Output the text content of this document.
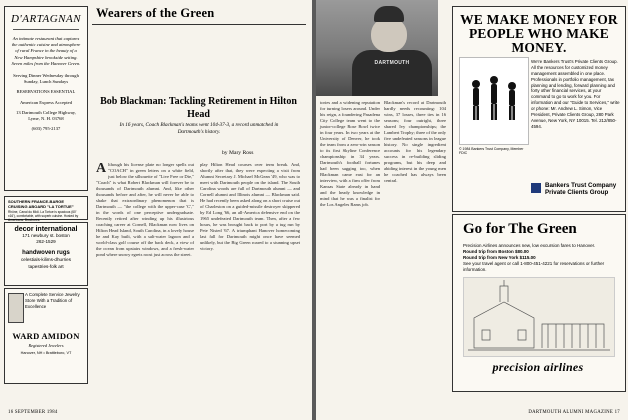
D'ARTAGNAN
An intimate restaurant that captures the authentic cuisine and atmosphere of rural France in the beauty of a New Hampshire brookside setting. Seven miles from the Hanover Green.
Serving Dinner Wednesday through Sunday, Lunch Sundays
RESERVATIONS ESSENTIAL
American Express Accepted
13 Dartmouth College Highway, Lyme, N. H. 03768
(603) 795-2137
SOUTHERN FRANCE-BARGE CRUISING ABOARD "LA TORTUE"
Rhône, Canal du Midi. La Tortue is spacious (60' x16'), comfortable, with superb cuisine. Hosted by Americans. Brochures.
decor international
171 newbury st. boston
262-1529
handwoven rugs
celestials-kilims-dhurries
tapestries-folk art
A Complete Service Jewelry Store With a Tradition of Excellence
WARD AMIDON
Registered Jewelers
Hanover, NH • Brattleboro, VT
Wearers of the Green
Bob Blackman: Tackling Retirement in Hilton Head
In 16 years, Coach Blackman's teams went 104-37-3, a record unmatched in Dartmouth's history.
by Mary Ross
Although his license plate no longer spells out "COACH" in green letters on a white field, just below the silhouette of "Live Free or Die," "Coach" is what Robert Blackman will forever be to thousands of Dartmouth alumni. And, like other thousands before and after, he will never be able to shake that extraordinary phenomenon that is Dartmouth — "the college with the upper-case 'C'," in the words of one perceptive undergraduate. Recently retired after winding up his illustrious coaching career at Cornell, Blackman now lives on Hilton Head Island, South Carolina, in a lovely house he and Kay built, with a salt-water lagoon and a world-class golf course off the back deck, a view of the ocean from upstairs windows, and a fresh-water pond where snowy egrets roost just across the street.
play Hilton Head courses over term break. And, shortly after that, they were expecting a visit from Alumni Secretary J. Michael McGean '49, who was to meet with Dartmouth people on the island. The South Carolina woods are full of Dartmouth alumni — and Cornell alumni and Illinois alumni — Blackman said. He had recently been asked along on a short cruise out of Charleston on a guided-missile destroyer skippered by Ed Long '66, an all-America defensive end on the 1965 undefeated Dartmouth team. Then, after a few hours, he was brought back to port by a tug run by Pete Nisted '67. A triumphant Hanover homecoming last fall for Dartmouth might once have seemed unlikely, but the Big Green roared to a stunning upset victory.
16 SEPTEMBER 1984
DARTMOUTH
tories and a widening reputation for turning losers around. Under his reign, a foundering Pasadena City College team went to the junior-college Rose Bowl twice in four years. In two years at the University of Denver, he took the team from a zero-win season to its first Skyline Conference championship in 34 years. Dartmouth's football fortunes had been sagging too, when Blackman came east for an interview, with a firm offer from Kansas State already in hand and the heady knowledge in mind that he was a finalist for the Los Angeles Rams job.
Blackman's record at Dartmouth hardly needs recounting: 104 wins, 37 losses, three ties in 16 seasons; four outright, three shared Ivy championships; the Lambert Trophy; three of the only five undefeated seasons in league history. No single ingredient accounts for his legendary success in re-building sliding programs, but his deep and abiding interest in the young men he coached has always been central.
WE MAKE MONEY FOR PEOPLE WHO MAKE MONEY.
We're Bankers Trust's Private Clients Group. All the resources for customized money management assembled in one place. Professionals in portfolio management, tax planning and lending, forward planning and forty other financial services, at your command to go to work for you. For information and our "Guide to Services," write or phone: Mr. Andrew L. Simon, Vice President, Private Clients Group, 280 Park Avenue, New York, NY 10015. Tel. 212/850-4594.
© 1984 Bankers Trust Company, Member FDIC
Bankers Trust Company Private Clients Group
Go for The Green
Precision Airlines announces new, low excursion fares to Hanover.
Round trip from Boston $80.00
Round trip from New York $115.00
See your travel agent or call 1-800-451-4221 for reservations or further information.
precision airlines
DARTMOUTH ALUMNI MAGAZINE 17
